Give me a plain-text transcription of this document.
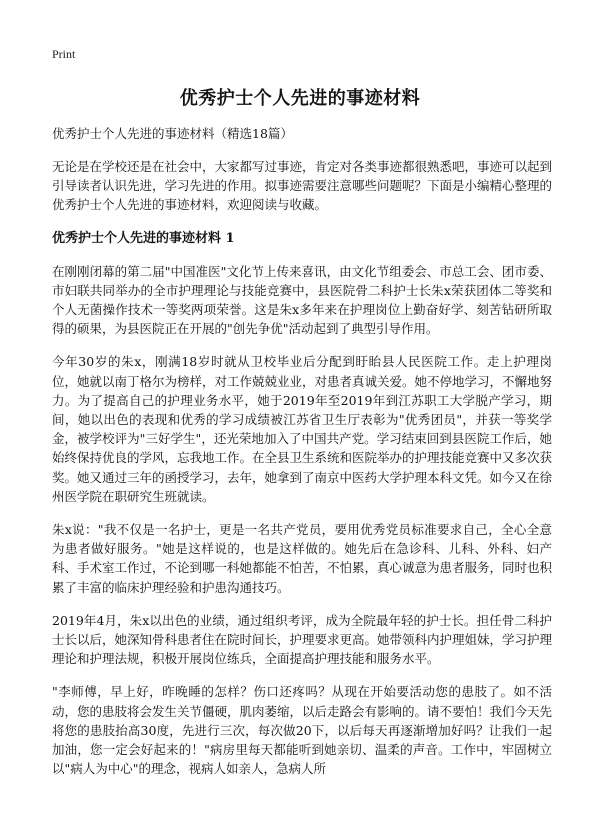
Print
优秀护士个人先进的事迹材料

优秀护士个人先进的事迹材料（精选18篇）

无论是在学校还是在社会中，大家都写过事迹，肯定对各类事迹都很熟悉吧，事迹可以起到引导读者认识先进，学习先进的作用。拟事迹需要注意哪些问题呢？下面是小编精心整理的优秀护士个人先进的事迹材料，欢迎阅读与收藏。

优秀护士个人先进的事迹材料 1

在刚刚闭幕的第二届"中国准医"文化节上传来喜讯，由文化节组委会、市总工会、团市委、市妇联共同举办的全市护理理论与技能竞赛中，县医院骨二科护士长朱x荣获团体二等奖和个人无菌操作技术一等奖两项荣誉。这是朱x多年来在护理岗位上勤奋好学、刻苦钻研所取得的硕果，为县医院正在开展的"创先争优"活动起到了典型引导作用。

今年30岁的朱x，刚满18岁时就从卫校毕业后分配到盱眙县人民医院工作。走上护理岗位，她就以南丁格尔为榜样，对工作兢兢业业，对患者真诚关爱。她不停地学习，不懈地努力。为了提高自己的护理业务水平，她于2019年至2019年到江苏职工大学脱产学习，期间，她以出色的表现和优秀的学习成绩被江苏省卫生厅表彰为"优秀团员"，并获一等奖学金，被学校评为"三好学生"，还光荣地加入了中国共产党。学习结束回到县医院工作后，她始终保持优良的学风，忘我地工作。在全县卫生系统和医院举办的护理技能竞赛中又多次获奖。她又通过三年的函授学习，去年，她拿到了南京中医药大学护理本科文凭。如今又在徐州医学院在职研究生班就读。

朱x说："我不仅是一名护士，更是一名共产党员，要用优秀党员标准要求自己，全心全意为患者做好服务。"她是这样说的，也是这样做的。她先后在急诊科、儿科、外科、妇产科、手术室工作过，不论到哪一科她都能不怕苦，不怕累，真心诚意为患者服务，同时也积累了丰富的临床护理经验和护患沟通技巧。

2019年4月，朱x以出色的业绩，通过组织考评，成为全院最年轻的护士长。担任骨二科护士长以后，她深知骨科患者住在院时间长，护理要求更高。她带领科内护理姐妹，学习护理理论和护理法规，积极开展岗位练兵，全面提高护理技能和服务水平。

"李师傅，早上好，昨晚睡的怎样？伤口还疼吗？从现在开始要活动您的患肢了。如不活动，您的患肢将会发生关节僵硬，肌肉萎缩，以后走路会有影响的。请不要怕！我们今天先将您的患肢抬高30度，先进行三次，每次做20下，以后每天再逐渐增加好吗？让我们一起加油，您一定会好起来的！"病房里每天都能听到她亲切、温柔的声音。工作中，牢固树立以"病人为中心"的理念，视病人如亲人，急病人所
